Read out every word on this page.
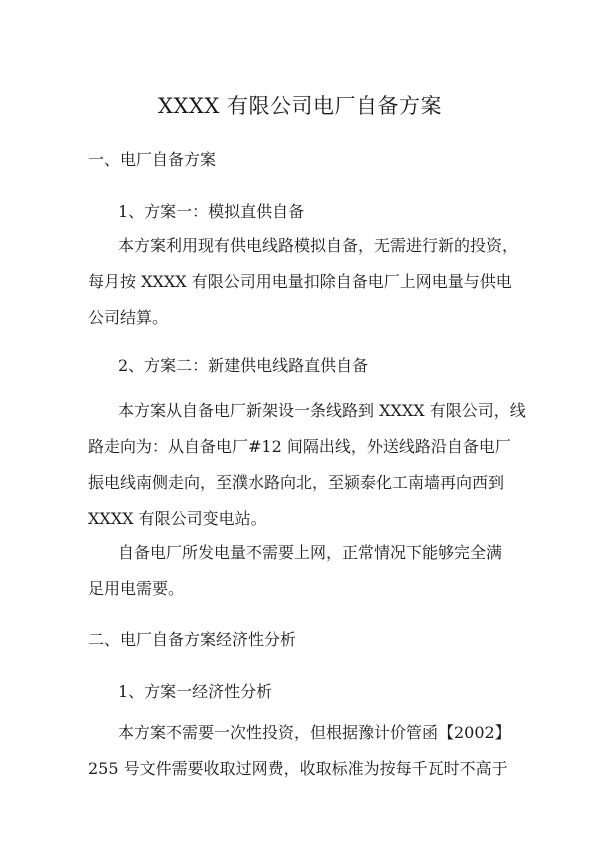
XXXX 有限公司电厂自备方案
一、电厂自备方案
1、方案一：模拟直供自备
本方案利用现有供电线路模拟自备，无需进行新的投资，
每月按 XXXX 有限公司用电量扣除自备电厂上网电量与供电
公司结算。
2、方案二：新建供电线路直供自备
本方案从自备电厂新架设一条线路到 XXXX 有限公司，线
路走向为：从自备电厂#12 间隔出线，外送线路沿自备电厂
振电线南侧走向，至濮水路向北，至颍泰化工南墙再向西到
XXXX 有限公司变电站。
自备电厂所发电量不需要上网，正常情况下能够完全满
足用电需要。
二、电厂自备方案经济性分析
1、方案一经济性分析
本方案不需要一次性投资，但根据豫计价管函【2002】
255 号文件需要收取过网费，收取标准为按每千瓦时不高于
